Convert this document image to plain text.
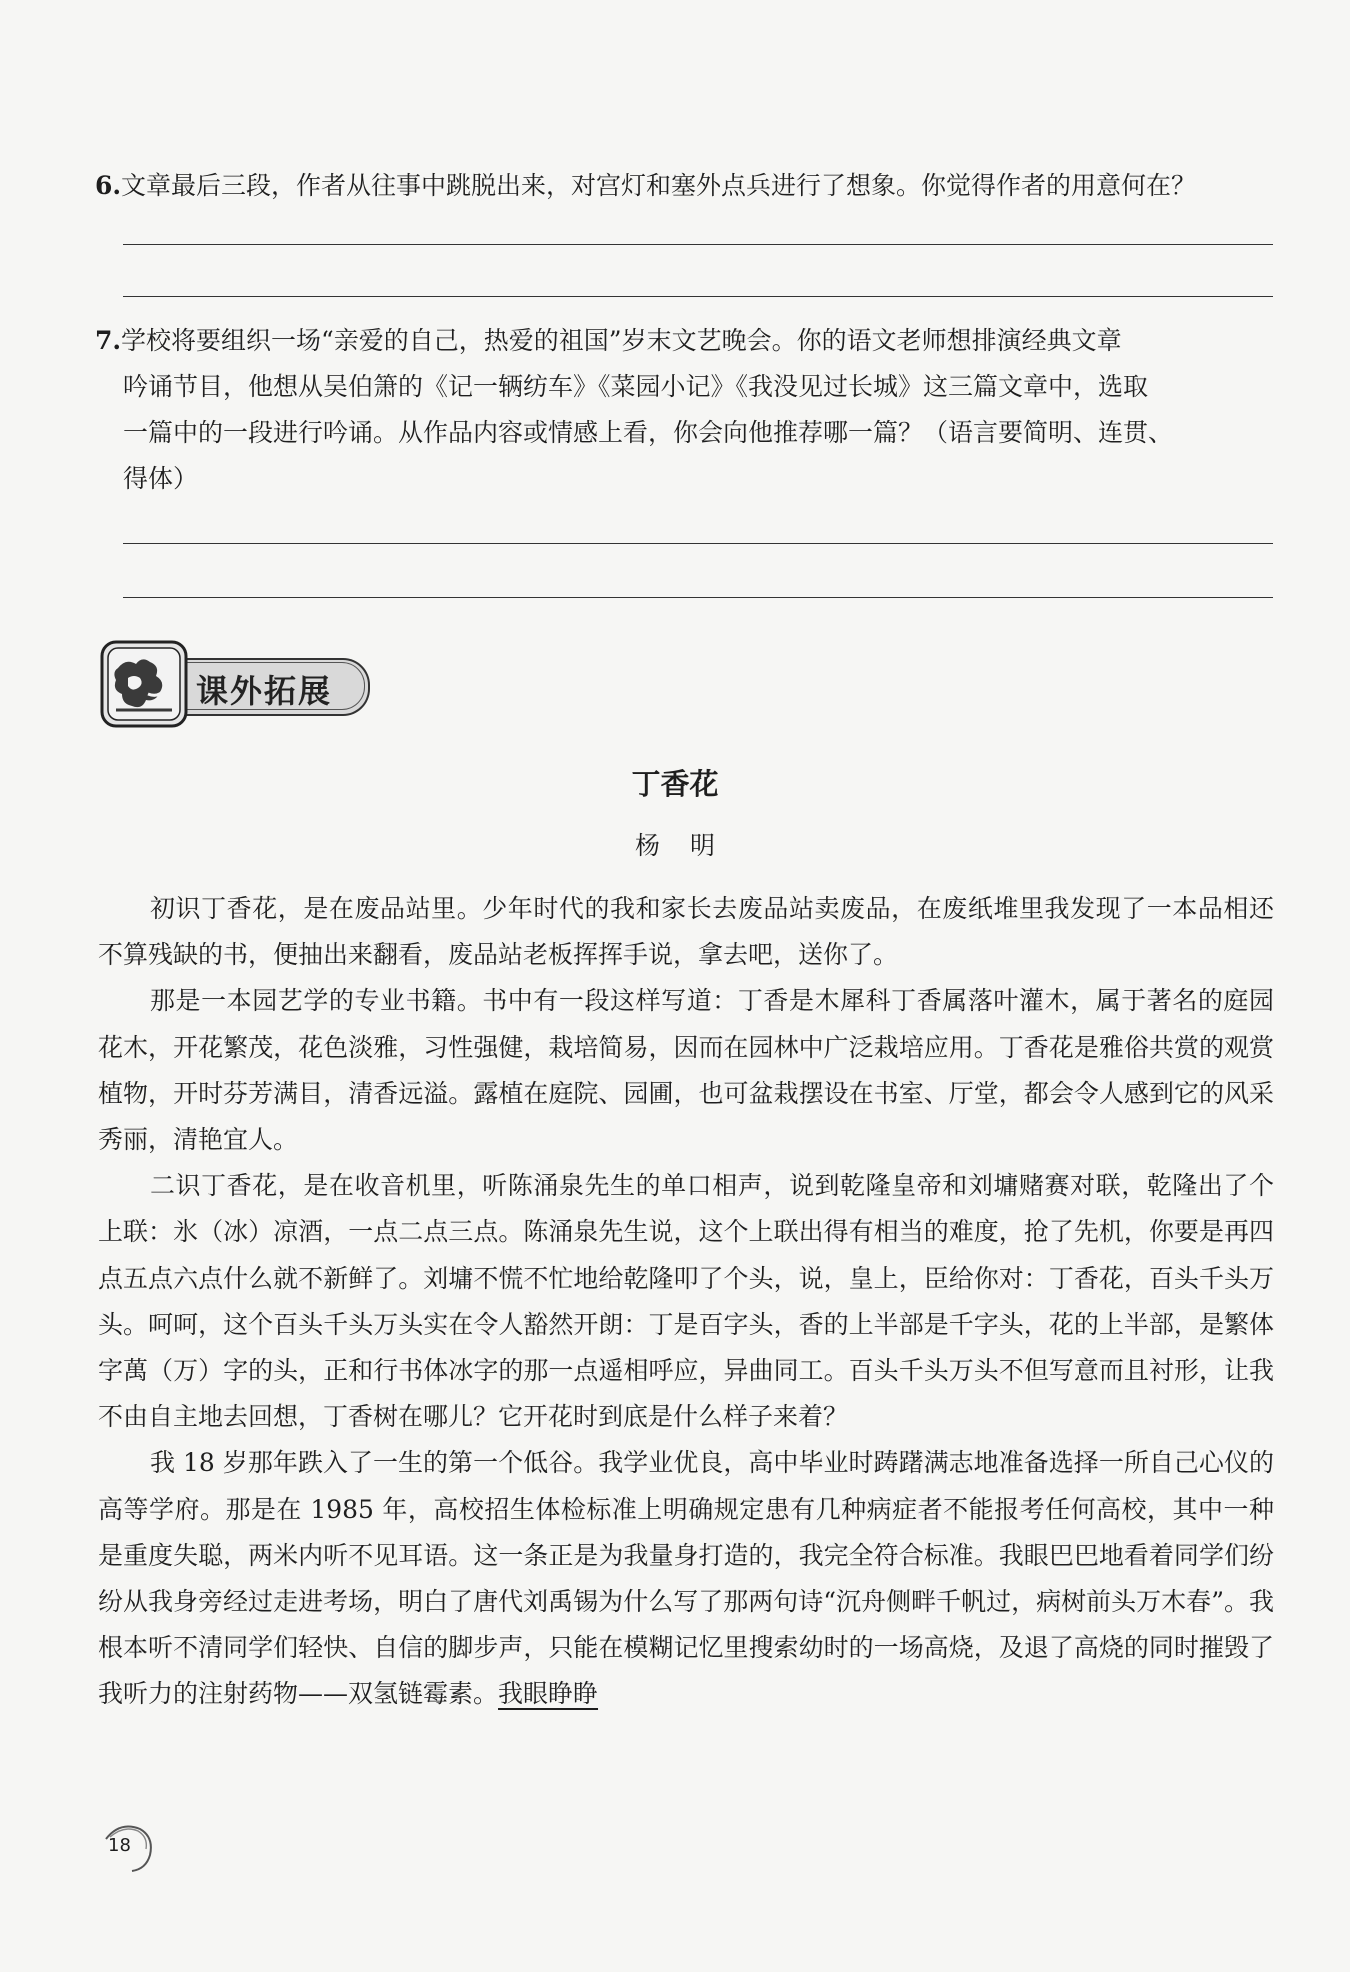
6.文章最后三段，作者从往事中跳脱出来，对宫灯和塞外点兵进行了想象。你觉得作者的用意何在？
7.学校将要组织一场“亲爱的自己，热爱的祖国”岁末文艺晚会。你的语文老师想排演经典文章
吟诵节目，他想从吴伯箫的《记一辆纺车》《菜园小记》《我没见过长城》这三篇文章中，选取
一篇中的一段进行吟诵。从作品内容或情感上看，你会向他推荐哪一篇？（语言要简明、连贯、
得体）
课外拓展
丁香花
杨明

初识丁香花，是在废品站里。少年时代的我和家长去废品站卖废品，在废纸堆里我发现了一本品相还不算残缺的书，便抽出来翻看，废品站老板挥挥手说，拿去吧，送你了。

那是一本园艺学的专业书籍。书中有一段这样写道：丁香是木犀科丁香属落叶灌木，属于著名的庭园花木，开花繁茂，花色淡雅，习性强健，栽培简易，因而在园林中广泛栽培应用。丁香花是雅俗共赏的观赏植物，开时芬芳满目，清香远溢。露植在庭院、园圃，也可盆栽摆设在书室、厅堂，都会令人感到它的风采秀丽，清艳宜人。

二识丁香花，是在收音机里，听陈涌泉先生的单口相声，说到乾隆皇帝和刘墉赌赛对联，乾隆出了个上联：氷（冰）凉酒，一点二点三点。陈涌泉先生说，这个上联出得有相当的难度，抢了先机，你要是再四点五点六点什么就不新鲜了。刘墉不慌不忙地给乾隆叩了个头，说，皇上，臣给你对：丁香花，百头千头万头。呵呵，这个百头千头万头实在令人豁然开朗：丁是百字头，香的上半部是千字头，花的上半部，是繁体字萬（万）字的头，正和行书体冰字的那一点遥相呼应，异曲同工。百头千头万头不但写意而且衬形，让我不由自主地去回想，丁香树在哪儿？它开花时到底是什么样子来着？

我 18 岁那年跌入了一生的第一个低谷。我学业优良，高中毕业时踌躇满志地准备选择一所自己心仪的高等学府。那是在 1985 年，高校招生体检标准上明确规定患有几种病症者不能报考任何高校，其中一种是重度失聪，两米内听不见耳语。这一条正是为我量身打造的，我完全符合标准。我眼巴巴地看着同学们纷纷从我身旁经过走进考场，明白了唐代刘禹锡为什么写了那两句诗“沉舟侧畔千帆过，病树前头万木春”。我根本听不清同学们轻快、自信的脚步声，只能在模糊记忆里搜索幼时的一场高烧，及退了高烧的同时摧毁了我听力的注射药物——双氢链霉素。我眼睁睁

18
